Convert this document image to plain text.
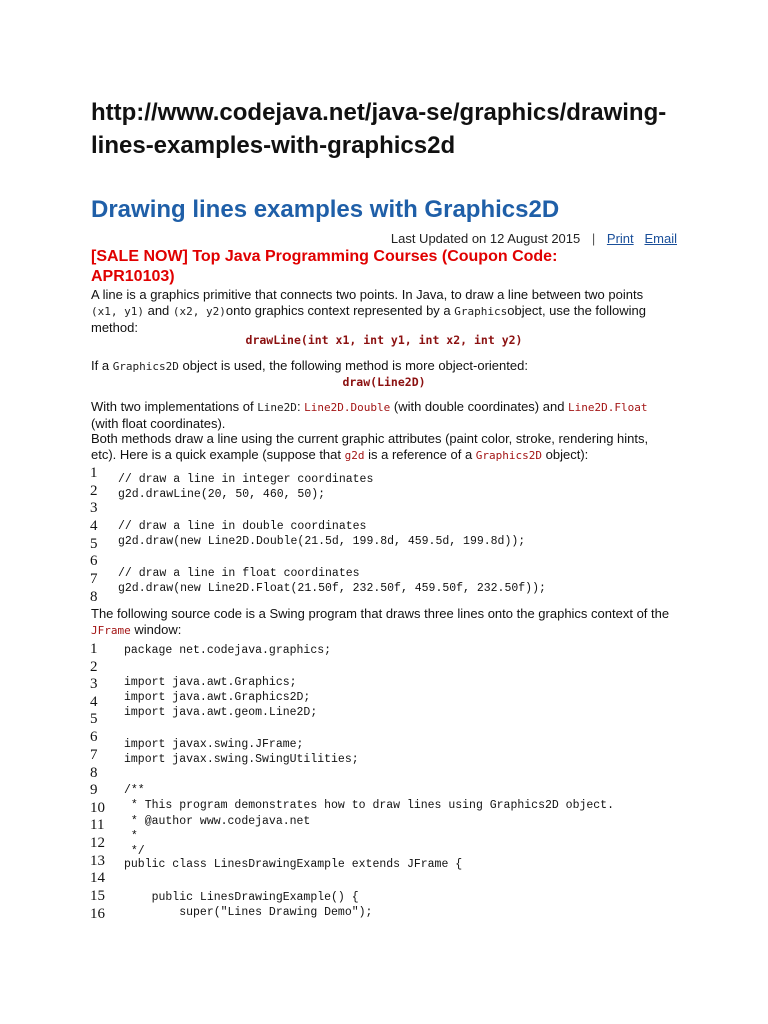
http://www.codejava.net/java-se/graphics/drawing-lines-examples-with-graphics2d
Drawing lines examples with Graphics2D
Last Updated on 12 August 2015 | Print Email
[SALE NOW] Top Java Programming Courses (Coupon Code: APR10103)
A line is a graphics primitive that connects two points. In Java, to draw a line between two points (x1, y1) and (x2, y2)onto graphics context represented by a Graphicsobject, use the following method:
drawLine(int x1, int y1, int x2, int y2)
If a Graphics2D object is used, the following method is more object-oriented:
draw(Line2D)
With two implementations of Line2D: Line2D.Double (with double coordinates) and Line2D.Float (with float coordinates).
Both methods draw a line using the current graphic attributes (paint color, stroke, rendering hints, etc). Here is a quick example (suppose that g2d is a reference of a Graphics2D object):
1
2
3
4
5
6
7
8
// draw a line in integer coordinates
g2d.drawLine(20, 50, 460, 50);
// draw a line in double coordinates
g2d.draw(new Line2D.Double(21.5d, 199.8d, 459.5d, 199.8d));
// draw a line in float coordinates
g2d.draw(new Line2D.Float(21.50f, 232.50f, 459.50f, 232.50f));
The following source code is a Swing program that draws three lines onto the graphics context of the JFrame window:
1
2
3
4
5
6
7
8
9
10
11
12
13
14
15
16
package net.codejava.graphics;
import java.awt.Graphics;
import java.awt.Graphics2D;
import java.awt.geom.Line2D;
import javax.swing.JFrame;
import javax.swing.SwingUtilities;
/**
* This program demonstrates how to draw lines using Graphics2D object.
* @author www.codejava.net
*
*/
public class LinesDrawingExample extends JFrame {
public LinesDrawingExample() {
super("Lines Drawing Demo");
